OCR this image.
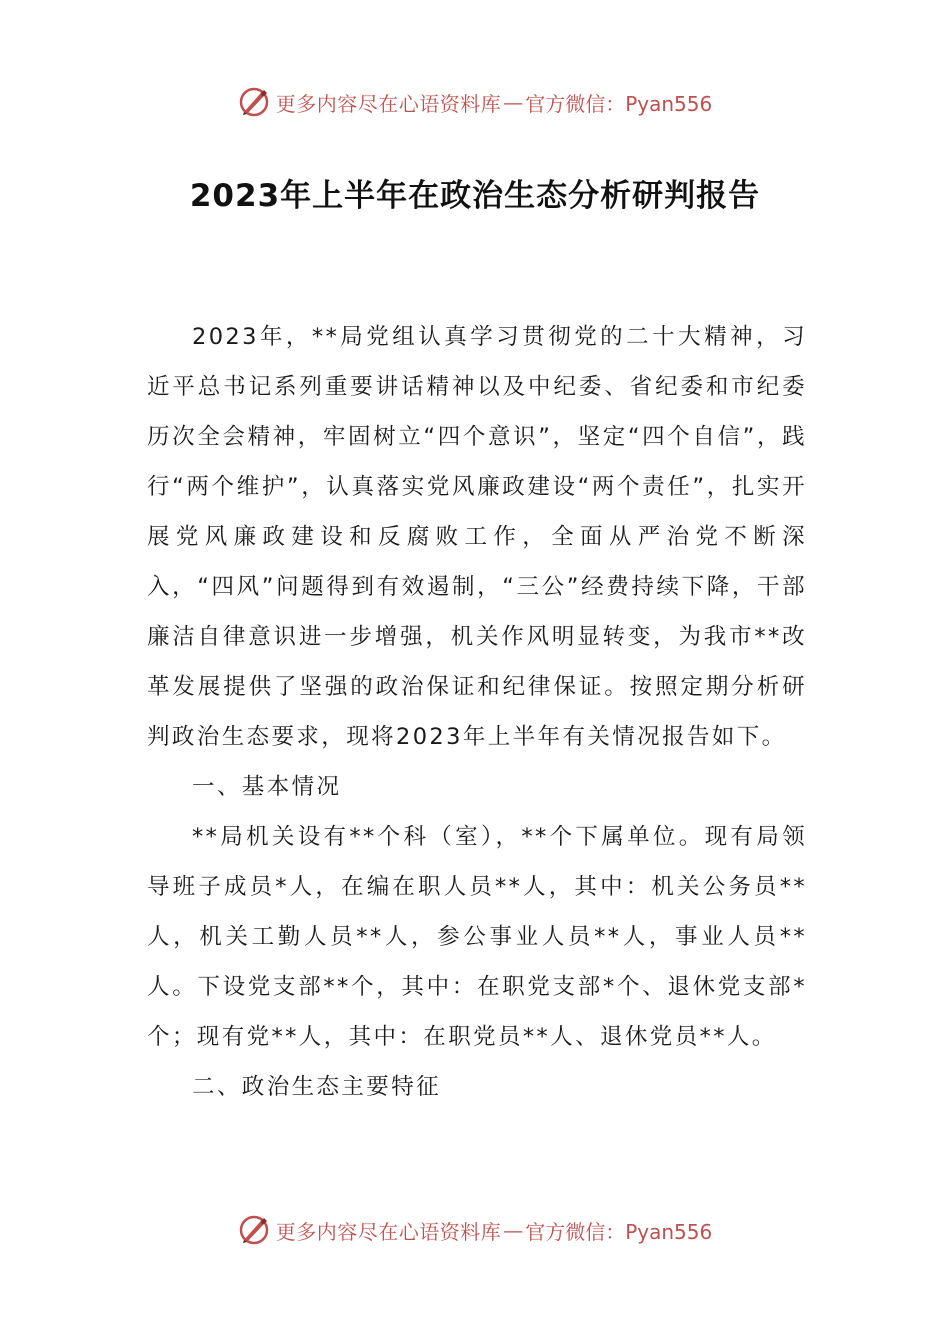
更多内容尽在心语资料库 — 官方微信：Pyan556
2023年上半年在政治生态分析研判报告

2023年，**局党组认真学习贯彻党的二十大精神，习近平总书记系列重要讲话精神以及中纪委、省纪委和市纪委历次全会精神，牢固树立“四个意识”，坚定“四个自信”，践行“两个维护”，认真落实党风廉政建设“两个责任”，扎实开展党风廉政建设和反腐败工作，全面从严治党不断深入，“四风”问题得到有效遏制，“三公”经费持续下降，干部廉洁自律意识进一步增强，机关作风明显转变，为我市**改革发展提供了坚强的政治保证和纪律保证。按照定期分析研判政治生态要求，现将2023年上半年有关情况报告如下。

一、基本情况

**局机关设有**个科（室），**个下属单位。现有局领导班子成员*人，在编在职人员**人，其中：机关公务员**人，机关工勤人员**人，参公事业人员**人，事业人员**人。下设党支部**个，其中：在职党支部*个、退休党支部*个；现有党**人，其中：在职党员**人、退休党员**人。

二、政治生态主要特征

更多内容尽在心语资料库 — 官方微信：Pyan556
